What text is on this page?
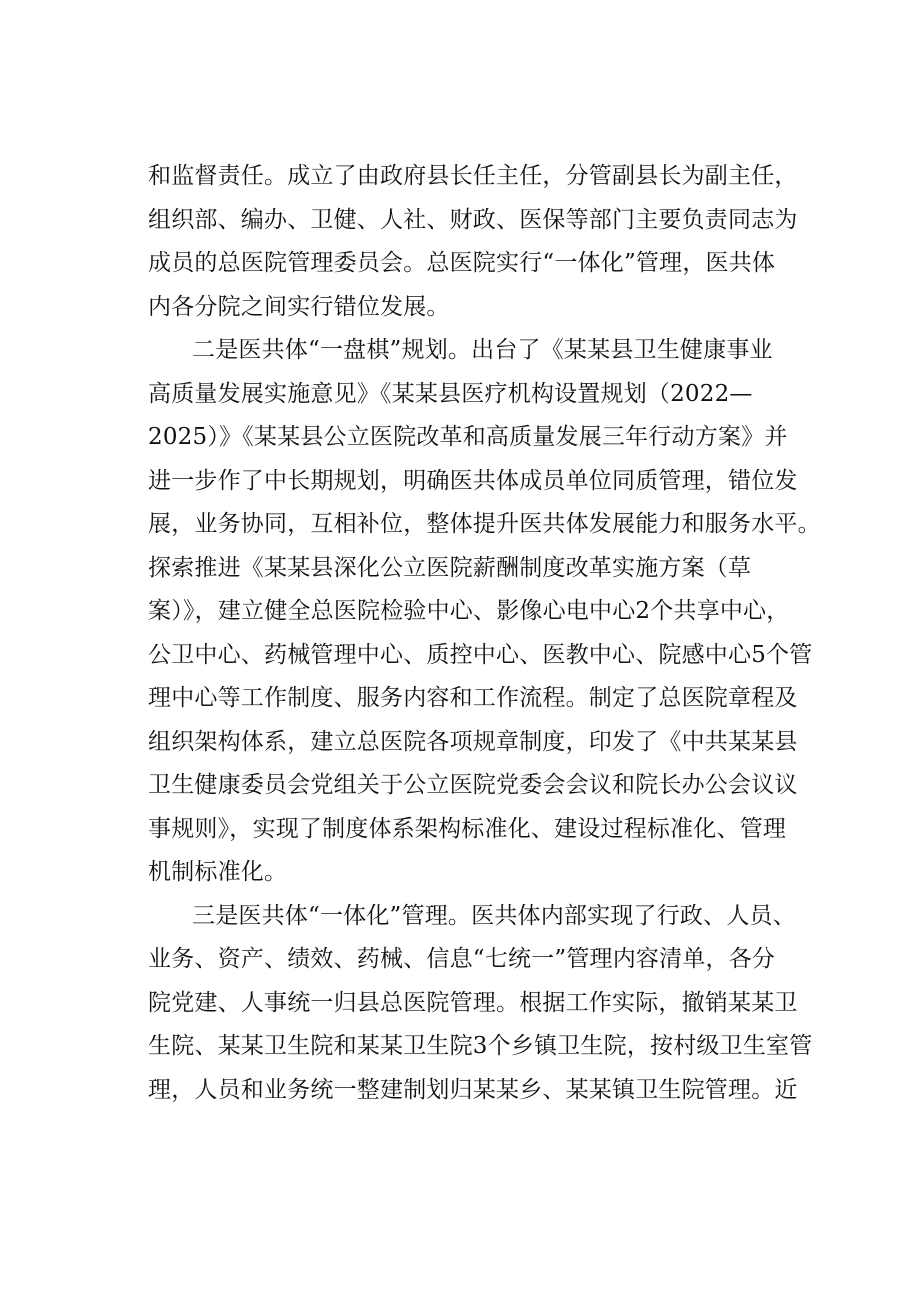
和监督责任。成立了由政府县长任主任，分管副县长为副主任，
组织部、编办、卫健、人社、财政、医保等部门主要负责同志为
成员的总医院管理委员会。总医院实行“一体化”管理，医共体
内各分院之间实行错位发展。
二是医共体“一盘棋”规划。出台了《某某县卫生健康事业
高质量发展实施意见》《某某县医疗机构设置规划（2022—
2025）》《某某县公立医院改革和高质量发展三年行动方案》并
进一步作了中长期规划，明确医共体成员单位同质管理，错位发
展，业务协同，互相补位，整体提升医共体发展能力和服务水平。
探索推进《某某县深化公立医院薪酬制度改革实施方案（草
案）》，建立健全总医院检验中心、影像心电中心2个共享中心，
公卫中心、药械管理中心、质控中心、医教中心、院感中心5个管
理中心等工作制度、服务内容和工作流程。制定了总医院章程及
组织架构体系，建立总医院各项规章制度，印发了《中共某某县
卫生健康委员会党组关于公立医院党委会会议和院长办公会议议
事规则》，实现了制度体系架构标准化、建设过程标准化、管理
机制标准化。
三是医共体“一体化”管理。医共体内部实现了行政、人员、
业务、资产、绩效、药械、信息“七统一”管理内容清单，各分
院党建、人事统一归县总医院管理。根据工作实际，撤销某某卫
生院、某某卫生院和某某卫生院3个乡镇卫生院，按村级卫生室管
理，人员和业务统一整建制划归某某乡、某某镇卫生院管理。近
